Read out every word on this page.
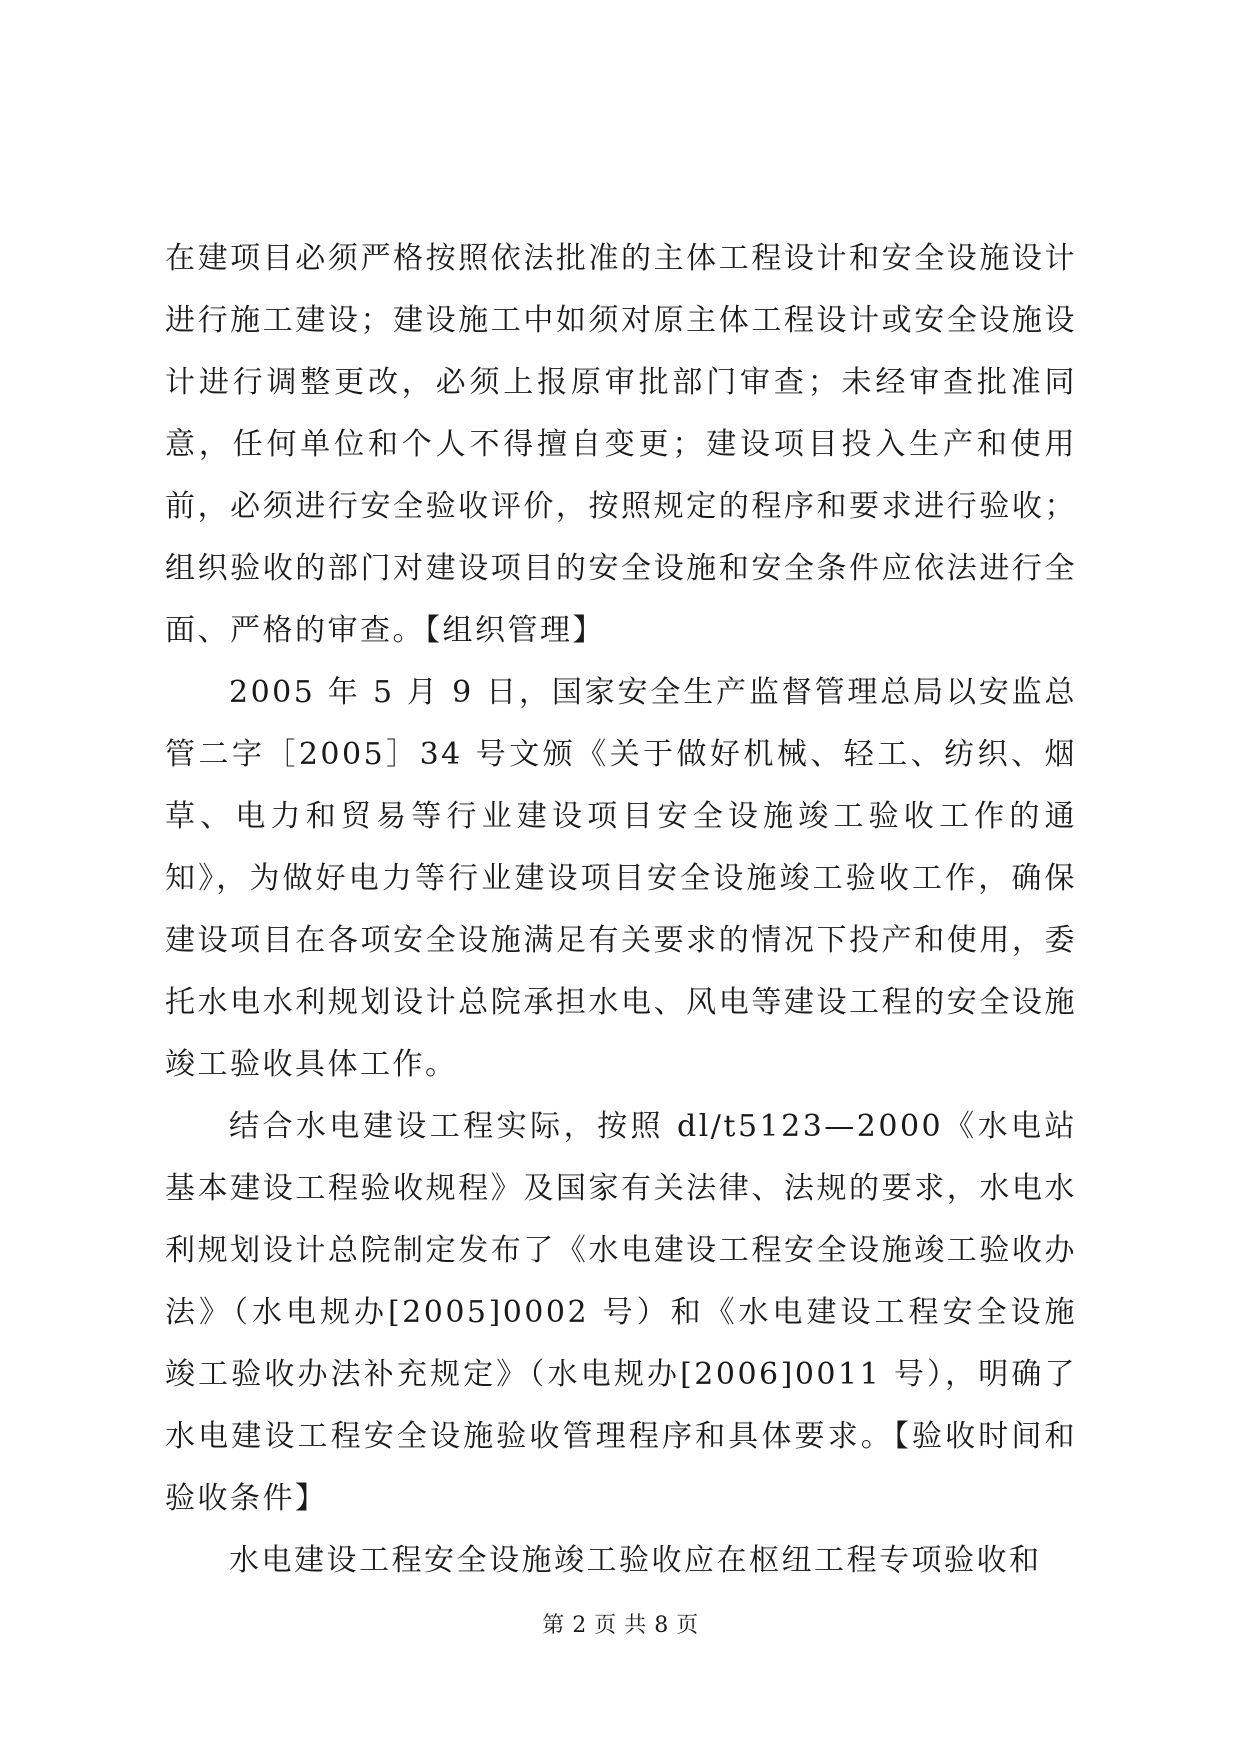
在建项目必须严格按照依法批准的主体工程设计和安全设施设计进行施工建设；建设施工中如须对原主体工程设计或安全设施设计进行调整更改，必须上报原审批部门审查；未经审查批准同意，任何单位和个人不得擅自变更；建设项目投入生产和使用前，必须进行安全验收评价，按照规定的程序和要求进行验收；组织验收的部门对建设项目的安全设施和安全条件应依法进行全面、严格的审查。【组织管理】

2005 年 5 月 9 日，国家安全生产监督管理总局以安监总管二字［2005］34 号文颁《关于做好机械、轻工、纺织、烟草、电力和贸易等行业建设项目安全设施竣工验收工作的通知》，为做好电力等行业建设项目安全设施竣工验收工作，确保建设项目在各项安全设施满足有关要求的情况下投产和使用，委托水电水利规划设计总院承担水电、风电等建设工程的安全设施竣工验收具体工作。

结合水电建设工程实际，按照 dl/t5123—2000《水电站基本建设工程验收规程》及国家有关法律、法规的要求，水电水利规划设计总院制定发布了《水电建设工程安全设施竣工验收办法》（水电规办[2005]0002 号）和《水电建设工程安全设施竣工验收办法补充规定》（水电规办[2006]0011 号），明确了水电建设工程安全设施验收管理程序和具体要求。【验收时间和验收条件】

水电建设工程安全设施竣工验收应在枢纽工程专项验收和

第 2 页 共 8 页
